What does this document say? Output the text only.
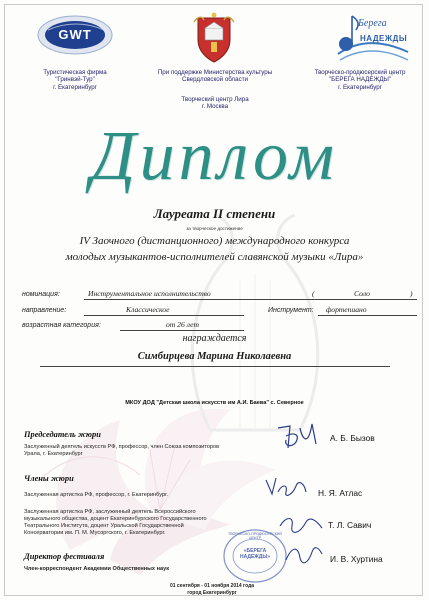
GWT
Берега
НАДЕЖДЫ
Туристическая фирма
"Гринвэй-Тур"
г. Екатеринбург
При поддержке Министерства культуры
Свердловской области
Творческий центр Лира
г. Москва
Творческо-продюсерский центр
"БЕРЕГА НАДЕЖДЫ"
г. Екатеринбург
Диплом
Лауреата II степени
за творческое достижение
IV Заочного (дистанционного) международного конкурса
молодых музыкантов-исполнителей славянской музыки «Лира»
номинация:	Инструментальное исполнительство	(	Соло	)
направление:	Классическое	Инструмент: фортепиано
возрастная категория:	от 26 лет
награждается
Симбирцева Марина Николаевна
МКОУ ДОД "Детская школа искусств им А.И. Баева" с. Северное
Председатель жюри
Заслуженный деятель искусств РФ, профессор, член Союза композиторов
Урала, г. Екатеринбург
А. Б. Бызов
Члены жюри
Заслуженная артистка РФ, профессор, г. Екатеринбург.	Н. Я. Атлас
Заслуженная артистка РФ, заслуженный деятель Всероссийского
музыкального общества, доцент Екатеринбургского Государственного
Театрального Института, доцент Уральской Государственной
Консерватории им. П. М. Мусоргского, г. Екатеринбург.
Т. Л. Савич
ТВОРЧЕСКО-ПРОДЮСЕРСКИЙ ЦЕНТР
«БЕРЕГА
НАДЕЖДЫ»
Директор фестиваля
Член-корреспондент Академии Общественных наук
И. В. Хуртина
01 сентября - 01 ноября 2014 года
город Екатеринбург
